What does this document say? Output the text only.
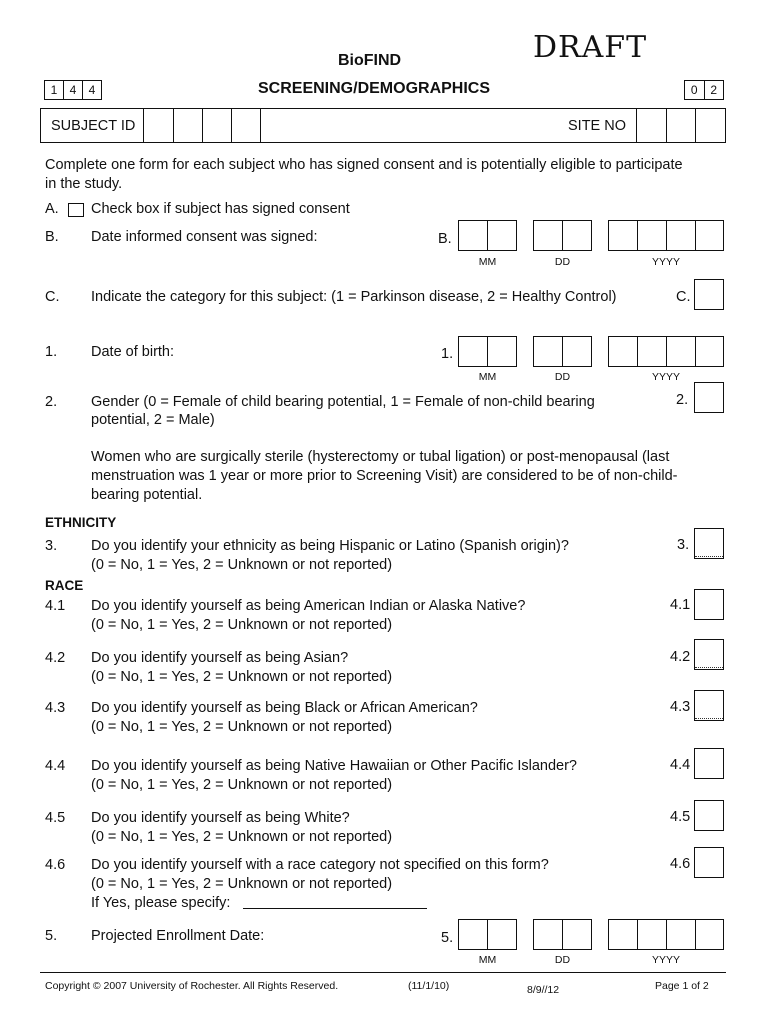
BioFIND	DRAFT
1	4	4	SCREENING/DEMOGRAPHICS	0	2
SUBJECT ID	SITE NO
Complete one form for each subject who has signed consent and is potentially eligible to participate
in the study.
A. Check box if subject has signed consent
B. Date informed consent was signed:	B.
MM	DD	YYYY
C. Indicate the category for this subject: (1 = Parkinson disease, 2 = Healthy Control)	C.
1. Date of birth:	1.
MM	DD	YYYY
2. Gender (0 = Female of child bearing potential, 1 = Female of non-child bearing
potential, 2 = Male)
2.
Women who are surgically sterile (hysterectomy or tubal ligation) or post-menopausal (last
menstruation was 1 year or more prior to Screening Visit) are considered to be of non-child-
bearing potential.
ETHNICITY
3. Do you identify your ethnicity as being Hispanic or Latino (Spanish origin)?
(0 = No, 1 = Yes, 2 = Unknown or not reported)
3.
RACE
4.1 Do you identify yourself as being American Indian or Alaska Native?
(0 = No, 1 = Yes, 2 = Unknown or not reported)
4.1
4.2 Do you identify yourself as being Asian?
(0 = No, 1 = Yes, 2 = Unknown or not reported)
4.2
4.3 Do you identify yourself as being Black or African American?
(0 = No, 1 = Yes, 2 = Unknown or not reported)
4.3
4.4 Do you identify yourself as being Native Hawaiian or Other Pacific Islander?
(0 = No, 1 = Yes, 2 = Unknown or not reported)
4.4
4.5 Do you identify yourself as being White?
(0 = No, 1 = Yes, 2 = Unknown or not reported)
4.5
4.6 Do you identify yourself with a race category not specified on this form?
(0 = No, 1 = Yes, 2 = Unknown or not reported)
If Yes, please specify:
4.6
5. Projected Enrollment Date:	5.
MM	DD	YYYY
Copyright © 2007 University of Rochester. All Rights Reserved.	(11/1/10)	8/9//12	Page 1 of 2
